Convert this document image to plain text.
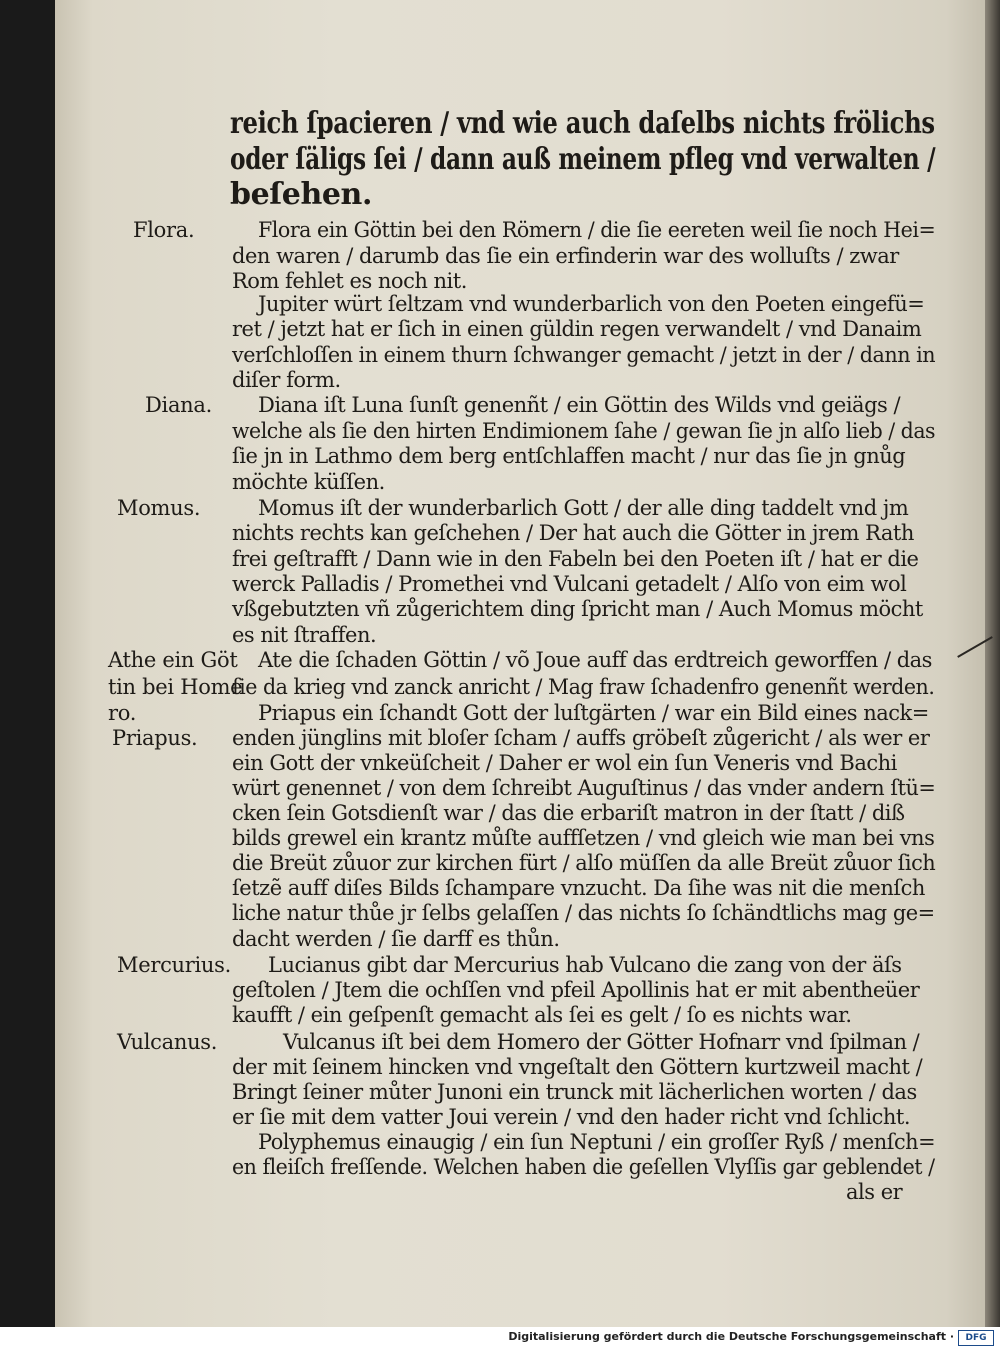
reich ſpacieren / vnd wie auch daſelbs nichts frölichs
oder ſäligs ſei / dann auß meinem pfleg vnd verwalten /
beſehen.
Flora.
Diana.
Momus.
Athe ein Göt
tin bei Home
ro.
Priapus.
Mercurius.
Vulcanus.
Flora ein Göttin bei den Römern / die ſie eereten weil ſie noch Hei=
den waren / darumb das ſie ein erfinderin war des wolluſts / zwar
Rom fehlet es noch nit.
Jupiter würt ſeltzam vnd wunderbarlich von den Poeten eingefü=
ret / jetzt hat er ſich in einen güldin regen verwandelt / vnd Danaim
verſchloſſen in einem thurn ſchwanger gemacht / jetzt in der / dann in
diſer form.
Diana iſt Luna ſunſt genenñt / ein Göttin des Wilds vnd geiägs /
welche als ſie den hirten Endimionem ſahe / gewan ſie jn alſo lieb / das
ſie jn in Lathmo dem berg entſchlaffen macht / nur das ſie jn gnůg
möchte küſſen.
Momus iſt der wunderbarlich Gott / der alle ding taddelt vnd jm
nichts rechts kan geſchehen / Der hat auch die Götter in jrem Rath
frei geſtrafft / Dann wie in den Fabeln bei den Poeten iſt / hat er die
werck Palladis / Promethei vnd Vulcani getadelt / Alſo von eim wol
vßgebutzten vñ zůgerichtem ding ſpricht man / Auch Momus möcht
es nit ſtraffen.
Ate die ſchaden Göttin / võ Joue auff das erdtreich geworffen / das
ſie da krieg vnd zanck anricht / Mag fraw ſchadenfro genenñt werden.
Priapus ein ſchandt Gott der luſtgärten / war ein Bild eines nack=
enden jünglins mit bloſer ſcham / auffs gröbeſt zůgericht / als wer er
ein Gott der vnkeüſcheit / Daher er wol ein ſun Veneris vnd Bachi
würt genennet / von dem ſchreibt Auguſtinus / das vnder andern ſtü=
cken ſein Gotsdienſt war / das die erbariſt matron in der ſtatt / diß
bilds grewel ein krantz můſte auffſetzen / vnd gleich wie man bei vns
die Breüt zůuor zur kirchen fürt / alſo müſſen da alle Breüt zůuor ſich
ſetzẽ auff diſes Bilds ſchampare vnzucht. Da ſihe was nit die menſch
liche natur thůe jr ſelbs gelaſſen / das nichts ſo ſchändtlichs mag ge=
dacht werden / ſie darff es thůn.
Lucianus gibt dar Mercurius hab Vulcano die zang von der äſs
geſtolen / Jtem die ochſſen vnd pfeil Apollinis hat er mit abentheüer
kaufft / ein geſpenſt gemacht als ſei es gelt / ſo es nichts war.
Vulcanus iſt bei dem Homero der Götter Hofnarr vnd ſpilman /
der mit ſeinem hincken vnd vngeſtalt den Göttern kurtzweil macht /
Bringt ſeiner můter Junoni ein trunck mit lächerlichen worten / das
er ſie mit dem vatter Joui verein / vnd den hader richt vnd ſchlicht.
Polyphemus einaugig / ein ſun Neptuni / ein groſſer Ryß / menſch=
en fleiſch freſſende. Welchen haben die geſellen Vlyſſis gar geblendet /
als er
Digitalisierung gefördert durch die Deutsche Forschungsgemeinschaft ·	DFG
